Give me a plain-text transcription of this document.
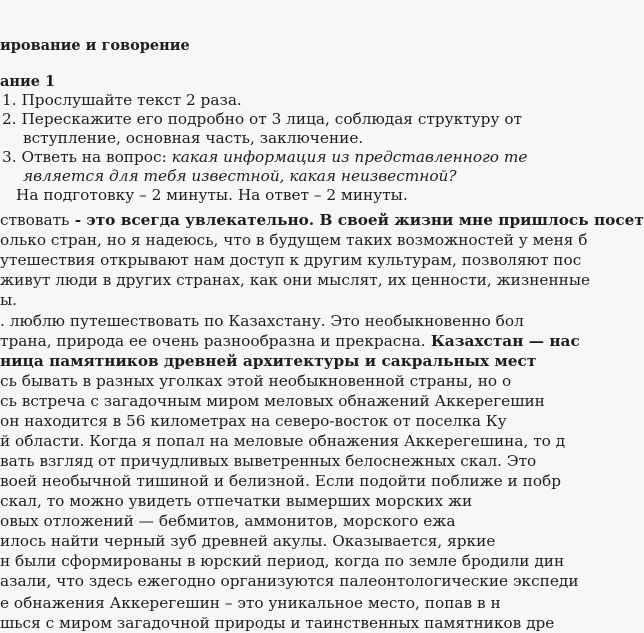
ирование и говорение
ание 1
1. Прослушайте текст 2 раза.
2. Перескажите его подробно от 3 лица, соблюдая структуру от
вступление, основная часть, заключение.
3. Ответь на вопрос: какая информация из представленного те
является для тебя известной, какая неизвестной?
На подготовку – 2 минуты. На ответ – 2 минуты.
ствовать - это всегда увлекательно. В своей жизни мне пришлось посет
олько стран, но я надеюсь, что в будущем таких возможностей у меня б
утешествия открывают нам доступ к другим культурам, позволяют пос
живут люди в других странах, как они мыслят, их ценности, жизненные
ы.
. люблю путешествовать по Казахстану. Это необыкновенно бол
трана, природа ее очень разнообразна и прекрасна. Казахстан — нас
ница памятников древней архитектуры и сакральных мест
сь бывать в разных уголках этой необыкновенной страны, но о
сь встреча с загадочным миром меловых обнажений Аккерегешин
он находится в 56 километрах на северо-восток от поселка Ку
й области. Когда я попал на меловые обнажения Аккерегешина, то д
вать взгляд от причудливых выветренных белоснежных скал. Это
воей необычной тишиной и белизной. Если подойти поближе и побр
скал, то можно увидеть отпечатки вымерших морских жи
овых отложений — бебмитов, аммонитов, морского ежа
илось найти черный зуб древней акулы. Оказывается, яркие
н были сформированы в юрский период, когда по земле бродили дин
азали, что здесь ежегодно организуются палеонтологические экспеди
е обнажения Аккерегешин – это уникальное место, попав в н
шься с миром загадочной природы и таинственных памятников дре
